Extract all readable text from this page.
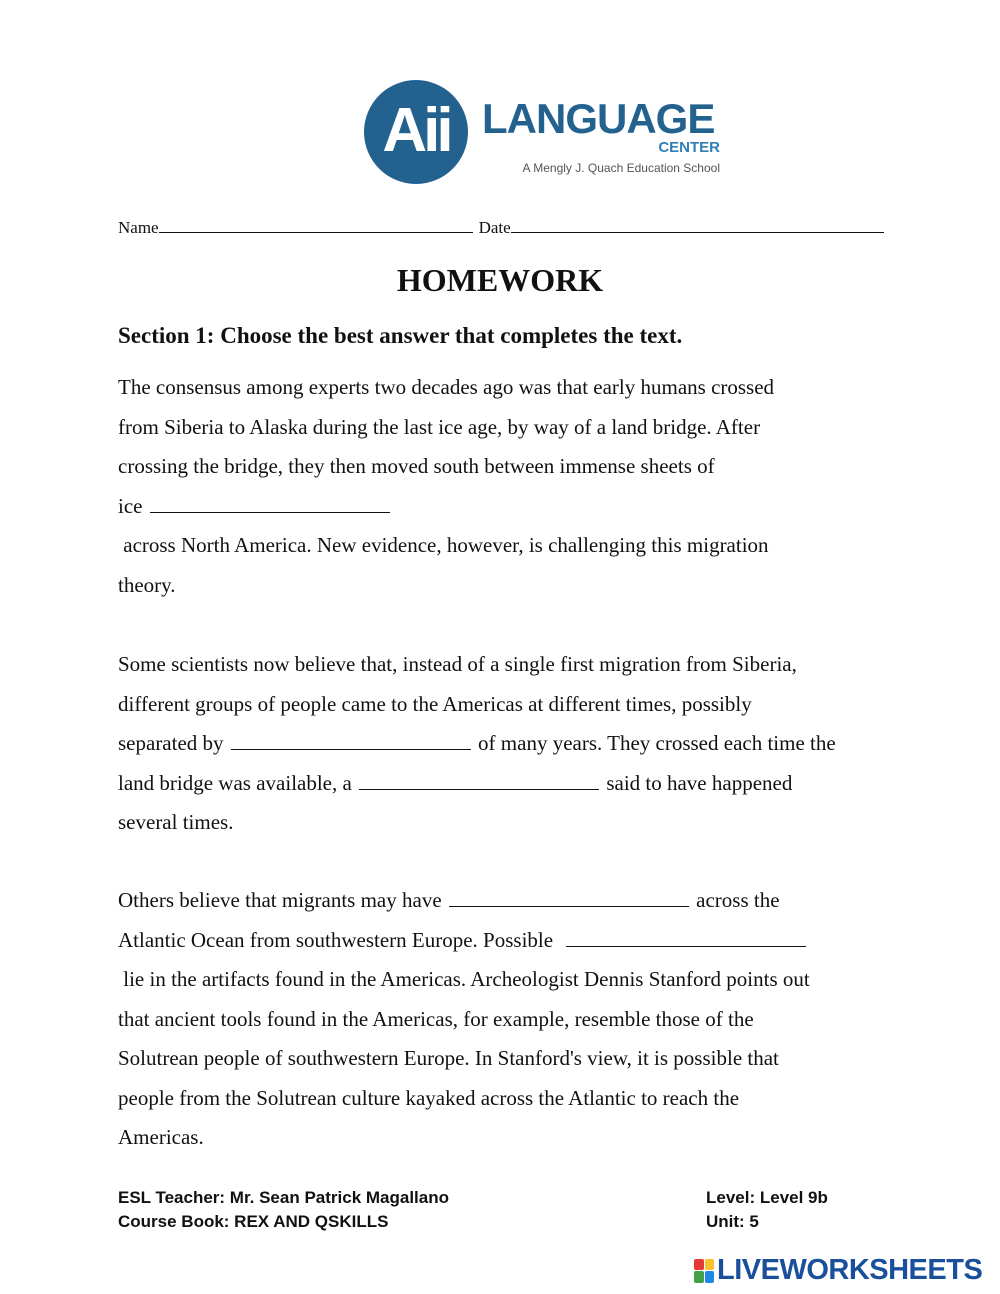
Aii LANGUAGE
CENTER
A Mengly J. Quach Education School
Name	Date
HOMEWORK
Section 1: Choose the best answer that completes the text.
The consensus among experts two decades ago was that early humans crossed
from Siberia to Alaska during the last ice age, by way of a land bridge. After
crossing the bridge, they then moved south between immense sheets of
ice
across North America. New evidence, however, is challenging this migration
theory.
Some scientists now believe that, instead of a single first migration from Siberia,
different groups of people came to the Americas at different times, possibly
separated by	of many years. They crossed each time the
land bridge was available, a	said to have happened
several times.
Others believe that migrants may have	across the
Atlantic Ocean from southwestern Europe. Possible
lie in the artifacts found in the Americas. Archeologist Dennis Stanford points out
that ancient tools found in the Americas, for example, resemble those of the
Solutrean people of southwestern Europe. In Stanford's view, it is possible that
people from the Solutrean culture kayaked across the Atlantic to reach the
Americas.
ESL Teacher: Mr. Sean Patrick Magallano
Course Book: REX AND QSKILLS
Level: Level 9b
Unit: 5
LIVEWORKSHEETS
